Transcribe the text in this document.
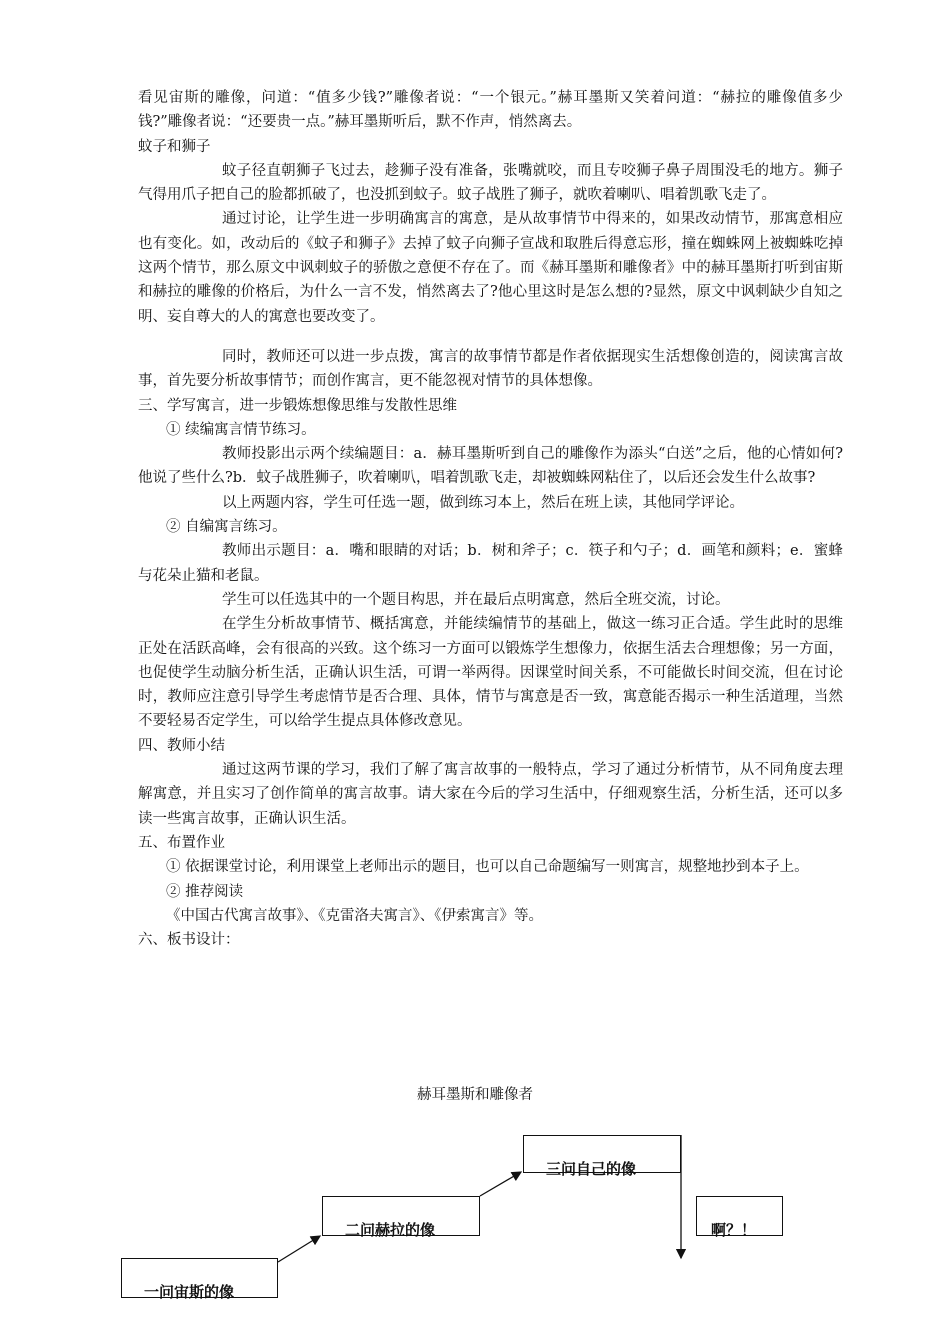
看见宙斯的雕像，问道：“值多少钱?”雕像者说：“一个银元。”赫耳墨斯又笑着问道：“赫拉的雕像值多少钱?”雕像者说：“还要贵一点。”赫耳墨斯听后，默不作声，悄然离去。

蚊子和狮子

蚊子径直朝狮子飞过去，趁狮子没有准备，张嘴就咬，而且专咬狮子鼻子周围没毛的地方。狮子气得用爪子把自己的脸都抓破了，也没抓到蚊子。蚊子战胜了狮子，就吹着喇叭、唱着凯歌飞走了。

通过讨论，让学生进一步明确寓言的寓意，是从故事情节中得来的，如果改动情节，那寓意相应也有变化。如，改动后的《蚊子和狮子》去掉了蚊子向狮子宣战和取胜后得意忘形，撞在蜘蛛网上被蜘蛛吃掉这两个情节，那么原文中讽刺蚊子的骄傲之意便不存在了。而《赫耳墨斯和雕像者》中的赫耳墨斯打听到宙斯和赫拉的雕像的价格后，为什么一言不发，悄然离去了?他心里这时是怎么想的?显然，原文中讽刺缺少自知之明、妄自尊大的人的寓意也要改变了。

同时，教师还可以进一步点拨，寓言的故事情节都是作者依据现实生活想像创造的，阅读寓言故事，首先要分析故事情节；而创作寓言，更不能忽视对情节的具体想像。

三、学写寓言，进一步锻炼想像思维与发散性思维

① 续编寓言情节练习。

教师投影出示两个续编题目：a．赫耳墨斯听到自己的雕像作为添头“白送”之后，他的心情如何?他说了些什么?b．蚊子战胜狮子，吹着喇叭，唱着凯歌飞走，却被蜘蛛网粘住了，以后还会发生什么故事?

以上两题内容，学生可任选一题，做到练习本上，然后在班上读，其他同学评论。

② 自编寓言练习。

教师出示题目：a．嘴和眼睛的对话；b．树和斧子；c．筷子和勺子；d．画笔和颜料；e．蜜蜂与花朵止猫和老鼠。

学生可以任选其中的一个题目构思，并在最后点明寓意，然后全班交流，讨论。

在学生分析故事情节、概括寓意，并能续编情节的基础上，做这一练习正合适。学生此时的思维正处在活跃高峰，会有很高的兴致。这个练习一方面可以锻炼学生想像力，依据生活去合理想像；另一方面，也促使学生动脑分析生活，正确认识生活，可谓一举两得。因课堂时间关系，不可能做长时间交流，但在讨论时，教师应注意引导学生考虑情节是否合理、具体，情节与寓意是否一致，寓意能否揭示一种生活道理，当然不要轻易否定学生，可以给学生提点具体修改意见。

四、教师小结

通过这两节课的学习，我们了解了寓言故事的一般特点，学习了通过分析情节，从不同角度去理解寓意，并且实习了创作简单的寓言故事。请大家在今后的学习生活中，仔细观察生活，分析生活，还可以多读一些寓言故事，正确认识生活。

五、布置作业

① 依据课堂讨论，利用课堂上老师出示的题目，也可以自己命题编写一则寓言，规整地抄到本子上。

② 推荐阅读

《中国古代寓言故事》、《克雷洛夫寓言》、《伊索寓言》等。

六、板书设计：

赫耳墨斯和雕像者
一问宙斯的像
二问赫拉的像
三问自己的像
啊？！
